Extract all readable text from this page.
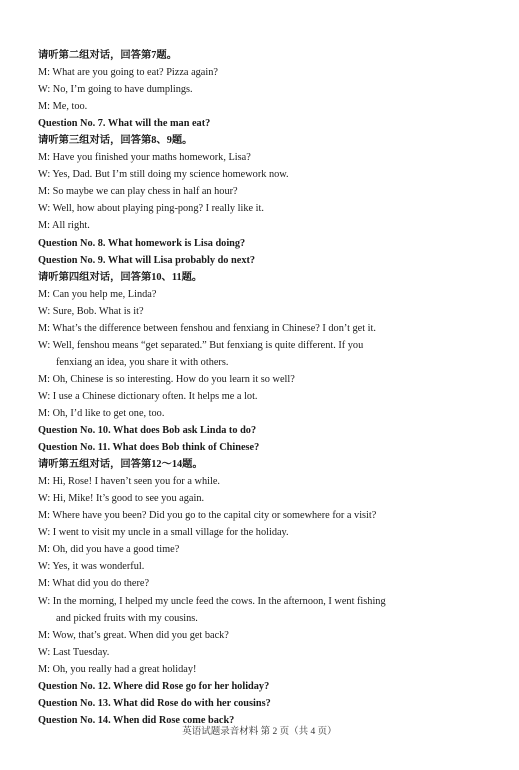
请听第二组对话，回答第7题。
M: What are you going to eat? Pizza again?
W: No, I’m going to have dumplings.
M: Me, too.
Question No. 7. What will the man eat?
请听第三组对话，回答第8、9题。
M: Have you finished your maths homework, Lisa?
W: Yes, Dad. But I’m still doing my science homework now.
M: So maybe we can play chess in half an hour?
W: Well, how about playing ping-pong? I really like it.
M: All right.
Question No. 8. What homework is Lisa doing?
Question No. 9. What will Lisa probably do next?
请听第四组对话，回答第10、11题。
M: Can you help me, Linda?
W: Sure, Bob. What is it?
M: What’s the difference between fenshou and fenxiang in Chinese? I don’t get it.
W: Well, fenshou means “get separated.” But fenxiang is quite different. If you
fenxiang an idea, you share it with others.
M: Oh, Chinese is so interesting. How do you learn it so well?
W: I use a Chinese dictionary often. It helps me a lot.
M: Oh, I’d like to get one, too.
Question No. 10. What does Bob ask Linda to do?
Question No. 11. What does Bob think of Chinese?
请听第五组对话，回答第12～14题。
M: Hi, Rose! I haven’t seen you for a while.
W: Hi, Mike! It’s good to see you again.
M: Where have you been? Did you go to the capital city or somewhere for a visit?
W: I went to visit my uncle in a small village for the holiday.
M: Oh, did you have a good time?
W: Yes, it was wonderful.
M: What did you do there?
W: In the morning, I helped my uncle feed the cows. In the afternoon, I went fishing
and picked fruits with my cousins.
M: Wow, that’s great. When did you get back?
W: Last Tuesday.
M: Oh, you really had a great holiday!
Question No. 12. Where did Rose go for her holiday?
Question No. 13. What did Rose do with her cousins?
Question No. 14. When did Rose come back?
英语试题录音材料 第 2 页（共 4 页）
